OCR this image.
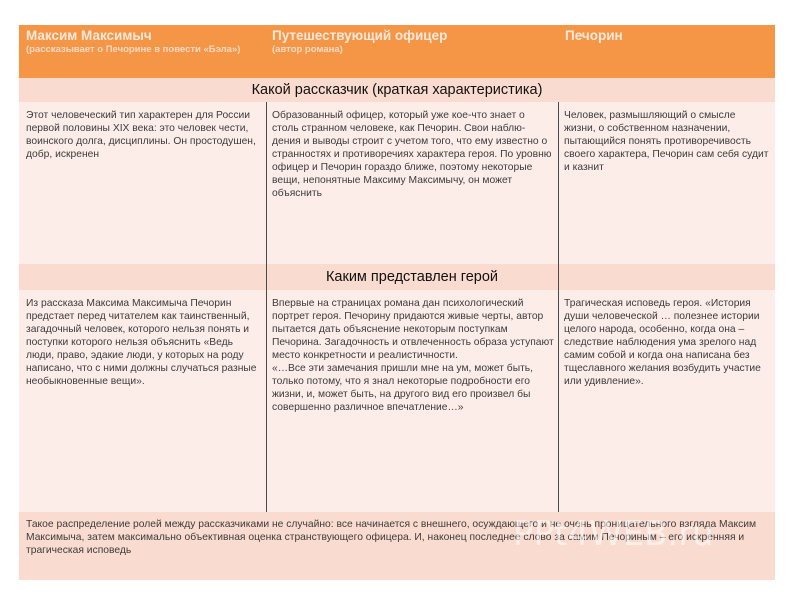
Максим Максимыч
(рассказывает о Печорине в повести «Бэла»)
Путешествующий офицер
(автор романа)
Печорин
Какой рассказчик (краткая характеристика)
Этот человеческий тип характерен для России первой половины XIX века: это человек чести, воинского долга, дисциплины. Он простодушен, добр, искренен
Образованный офицер, который уже кое-что знает о столь странном человеке, как Печорин. Свои наблю-дения и выводы строит с учетом того, что ему известно о странностях и противоречиях характера героя. По уровню офицер и Печорин гораздо ближе, поэтому некоторые вещи, непонятные Максиму Максимычу, он может объяснить
Человек, размышляющий о смысле жизни, о собственном назначении, пытающийся понять противоречивость своего характера, Печорин сам себя судит и казнит
Каким представлен герой
Из рассказа Максима Максимыча Печорин предстает перед читателем как таинственный, загадочный человек, которого нельзя понять и поступки которого нельзя объяснить «Ведь люди, право, эдакие люди, у которых на роду написано, что с ними должны случаться разные необыкновенные вещи».
Впервые на страницах романа дан психологический портрет героя. Печорину придаются живые черты, автор пытается дать объяснение некоторым поступкам Печорина. Загадочность и отвлеченность образа уступают место конкретности и реалистичности.
«…Все эти замечания пришли мне на ум, может быть, только потому, что я знал некоторые подробности его жизни, и, может быть, на другого вид его произвел бы совершенно различное впечатление…»
Трагическая исповедь героя. «История души человеческой … полезнее истории целого народа, особенно, когда она – следствие наблюдения ума зрелого над самим собой и когда она написана без тщеславного желания возбудить участие или удивление».
Такое распределение ролей между рассказчиками не случайно: все начинается с внешнего, осуждающего и не очень проницательного взгляда Максим Максимыча, затем максимально объективная оценка странствующего офицера. И, наконец последнее слово за самим Печориным – его искренняя и трагическая исповедь	PPt4WEB.ru
